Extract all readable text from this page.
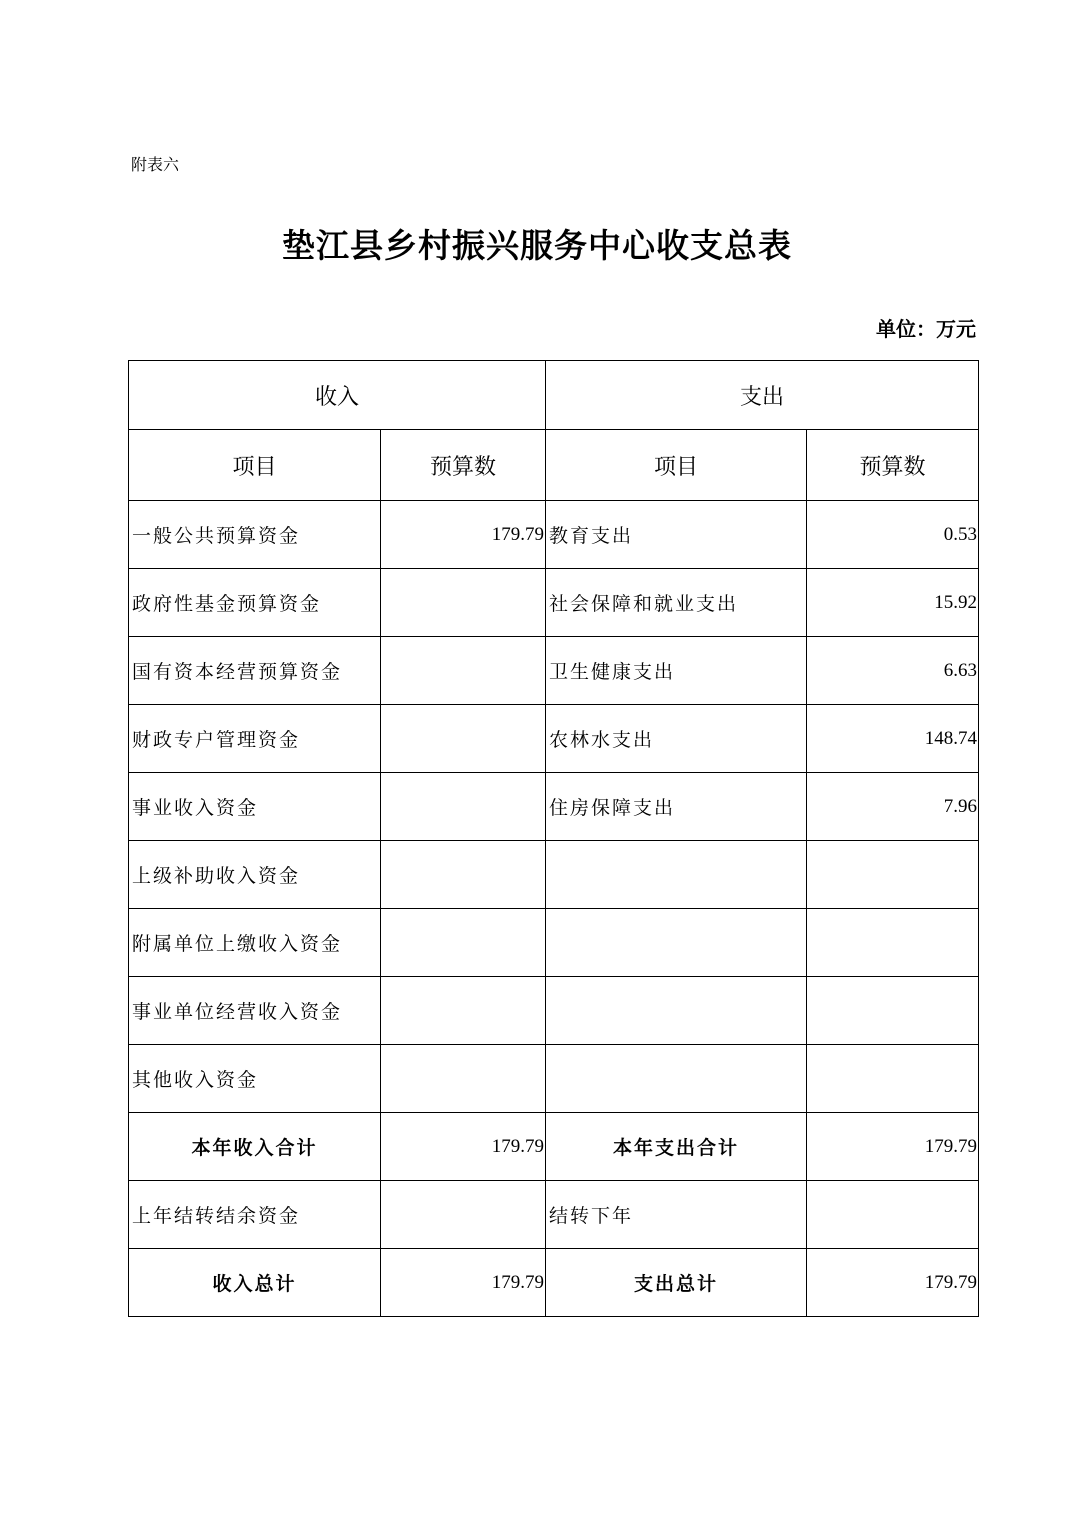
附表六
垫江县乡村振兴服务中心收支总表
单位：万元
收入		支出	
项目	预算数	项目	预算数
一般公共预算资金	179.79	教育支出	0.53
政府性基金预算资金		社会保障和就业支出	15.92
国有资本经营预算资金		卫生健康支出	6.63
财政专户管理资金		农林水支出	148.74
事业收入资金		住房保障支出	7.96
上级补助收入资金			
附属单位上缴收入资金			
事业单位经营收入资金			
其他收入资金			
本年收入合计	179.79	本年支出合计	179.79
上年结转结余资金		结转下年	
收入总计	179.79	支出总计	179.79
